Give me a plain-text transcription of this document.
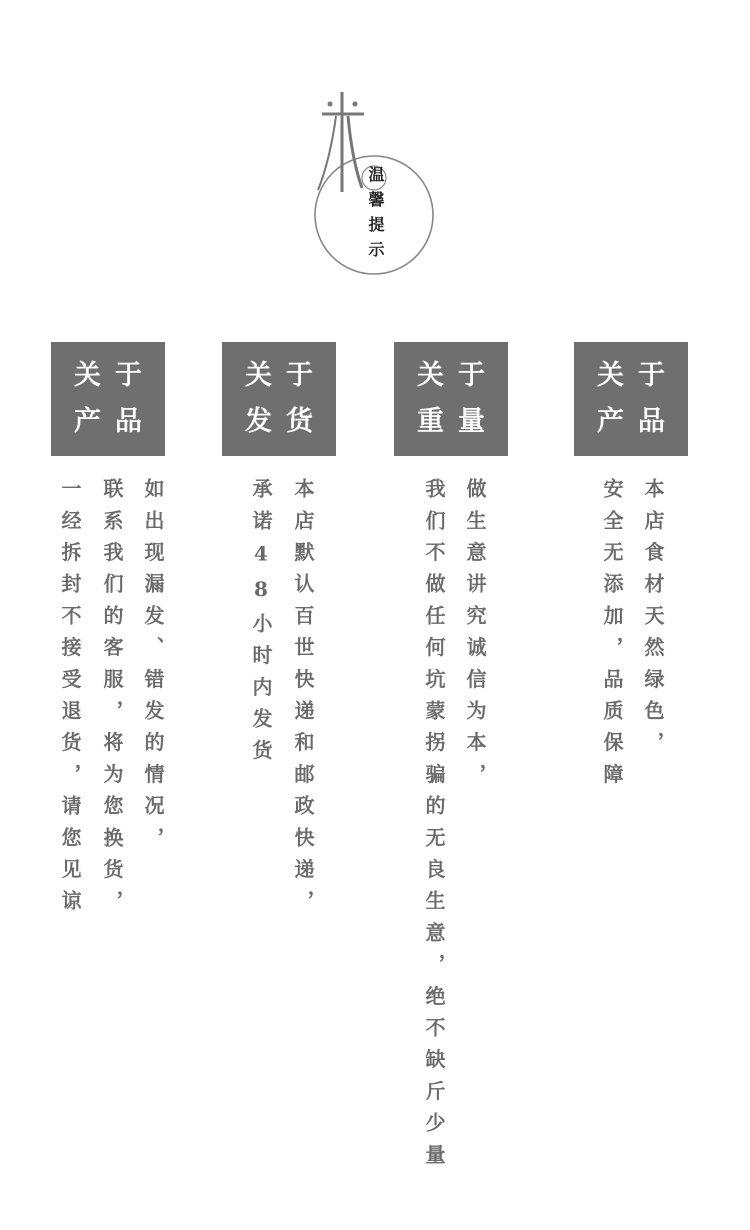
温馨提示
关于
产品
如出现漏发、错发的情况，
联系我们的客服，将为您换货，
一经拆封不接受退货，请您见谅
关于
发货
本店默认百世快递和邮政快递，
承诺48小时内发货
关于
重量
做生意讲究诚信为本，
我们不做任何坑蒙拐骗的无良生意，绝不缺斤少量
关于
产品
本店食材天然绿色，
安全无添加，品质保障
